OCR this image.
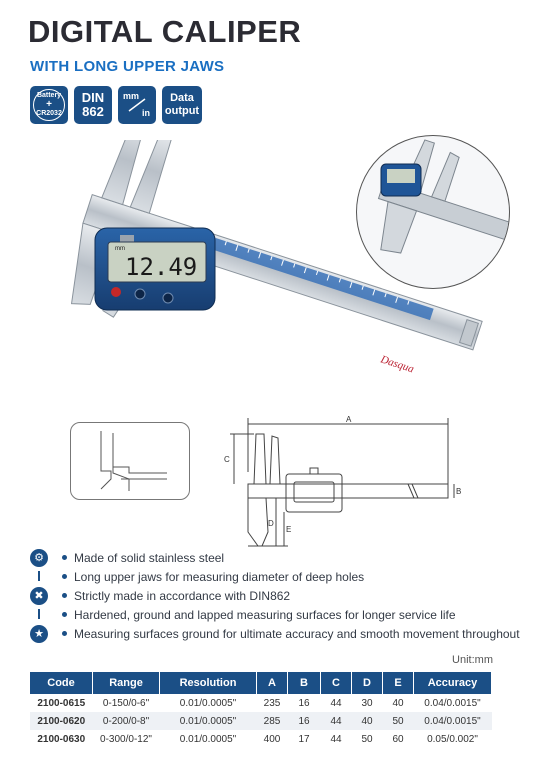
DIGITAL CALIPER
WITH LONG UPPER JAWS
Battery
+
CR2032
DIN
862
mm
in
Data
output
mm
12.49
Dasqua
A
B
C
D
E
⚙	Made of solid stainless steel
Long upper jaws for measuring diameter of deep holes
✖	Strictly made in accordance with DIN862
Hardened, ground and lapped measuring surfaces for longer service life
★	Measuring surfaces ground for ultimate accuracy and smooth movement throughout
Unit:mm
Code	Range	Resolution	A	B	C	D	E	Accuracy
2100-0615	0-150/0-6"	0.01/0.0005"	235	16	44	30	40	0.04/0.0015"
2100-0620	0-200/0-8"	0.01/0.0005"	285	16	44	40	50	0.04/0.0015"
2100-0630	0-300/0-12"	0.01/0.0005"	400	17	44	50	60	0.05/0.002"
